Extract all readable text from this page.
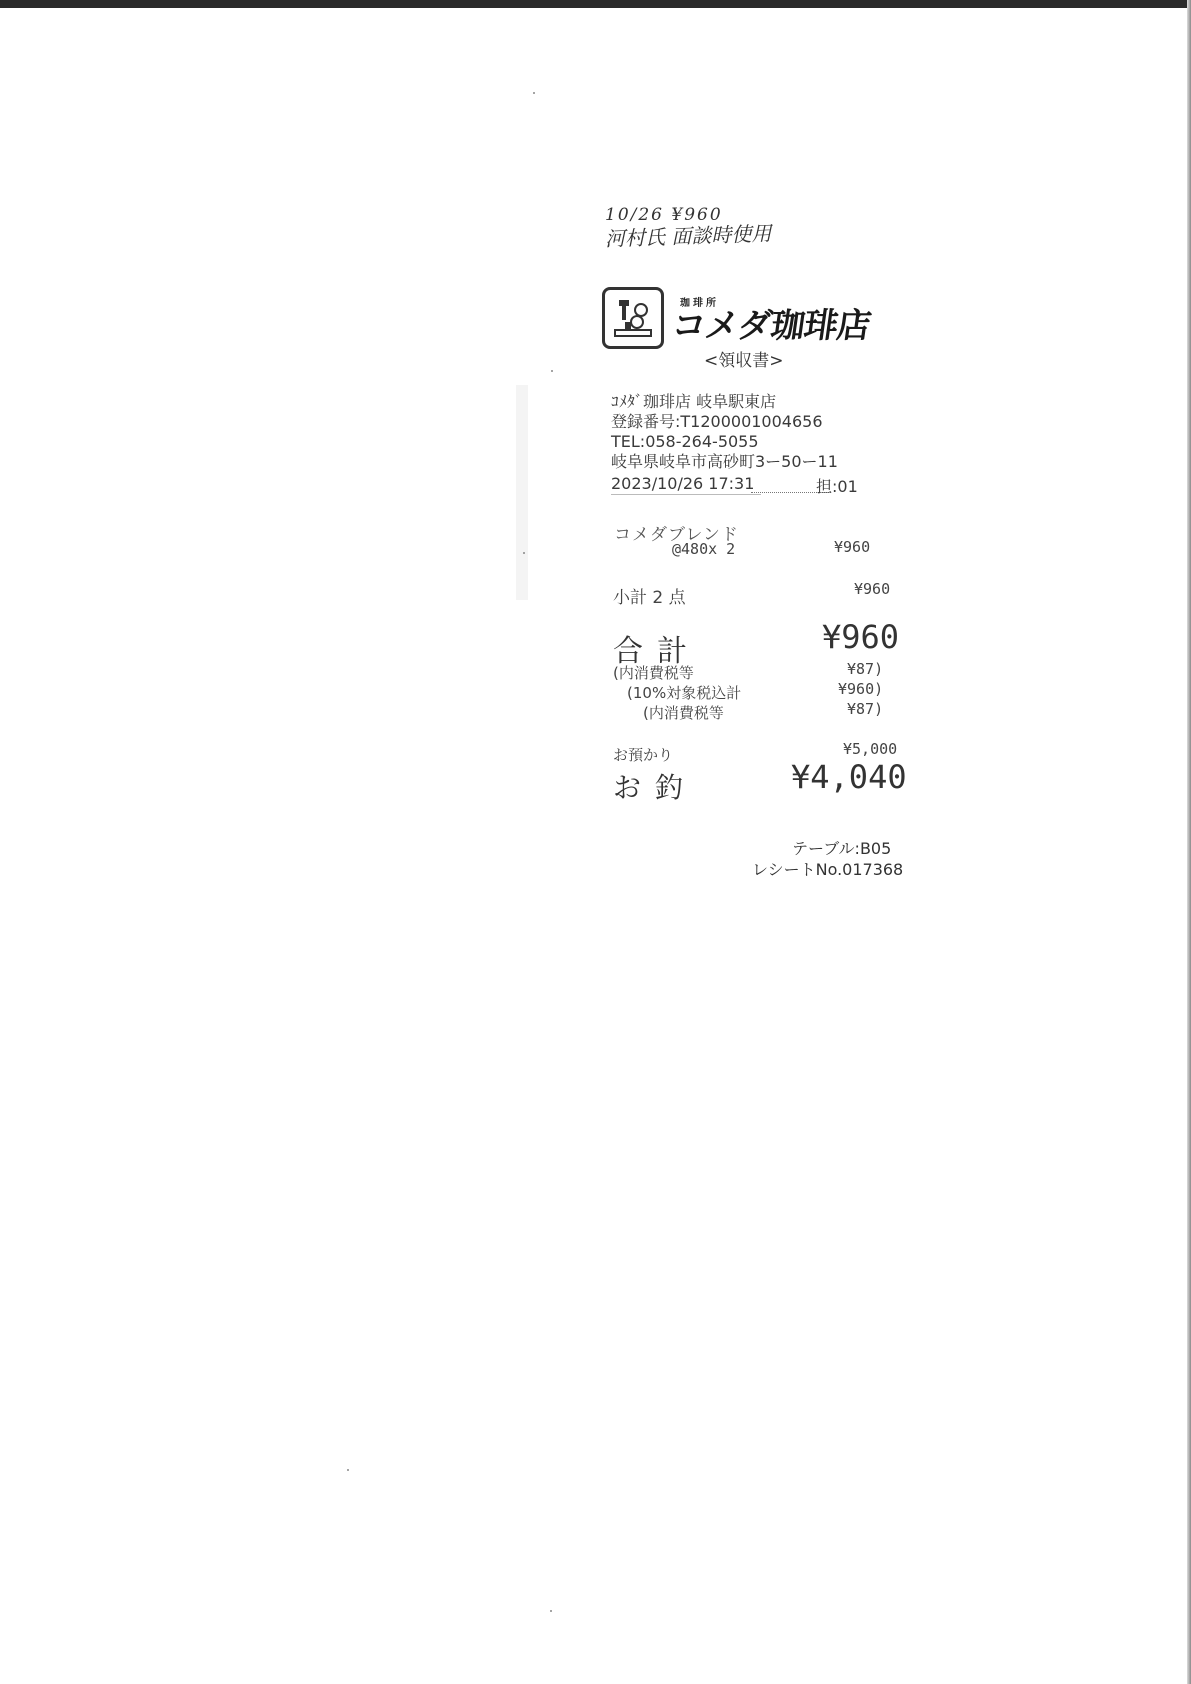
10/26 ¥960
河村氏 面談時使用
珈琲所
コメダ珈琲店
<領収書>
ｺﾒﾀﾞ珈琲店 岐阜駅東店
登録番号:T1200001004656
TEL:058-264-5055
岐阜県岐阜市高砂町3ー50ー11
2023/10/26 17:31	担:01
コメダブレンド
@480x 2	¥960
小計 2 点	¥960
合計	¥960
(内消費税等	¥87)
(10%対象税込計	¥960)
(内消費税等	¥87)
お預かり	¥5,000
お釣	¥4,040
テーブル:B05
レシートNo.017368
